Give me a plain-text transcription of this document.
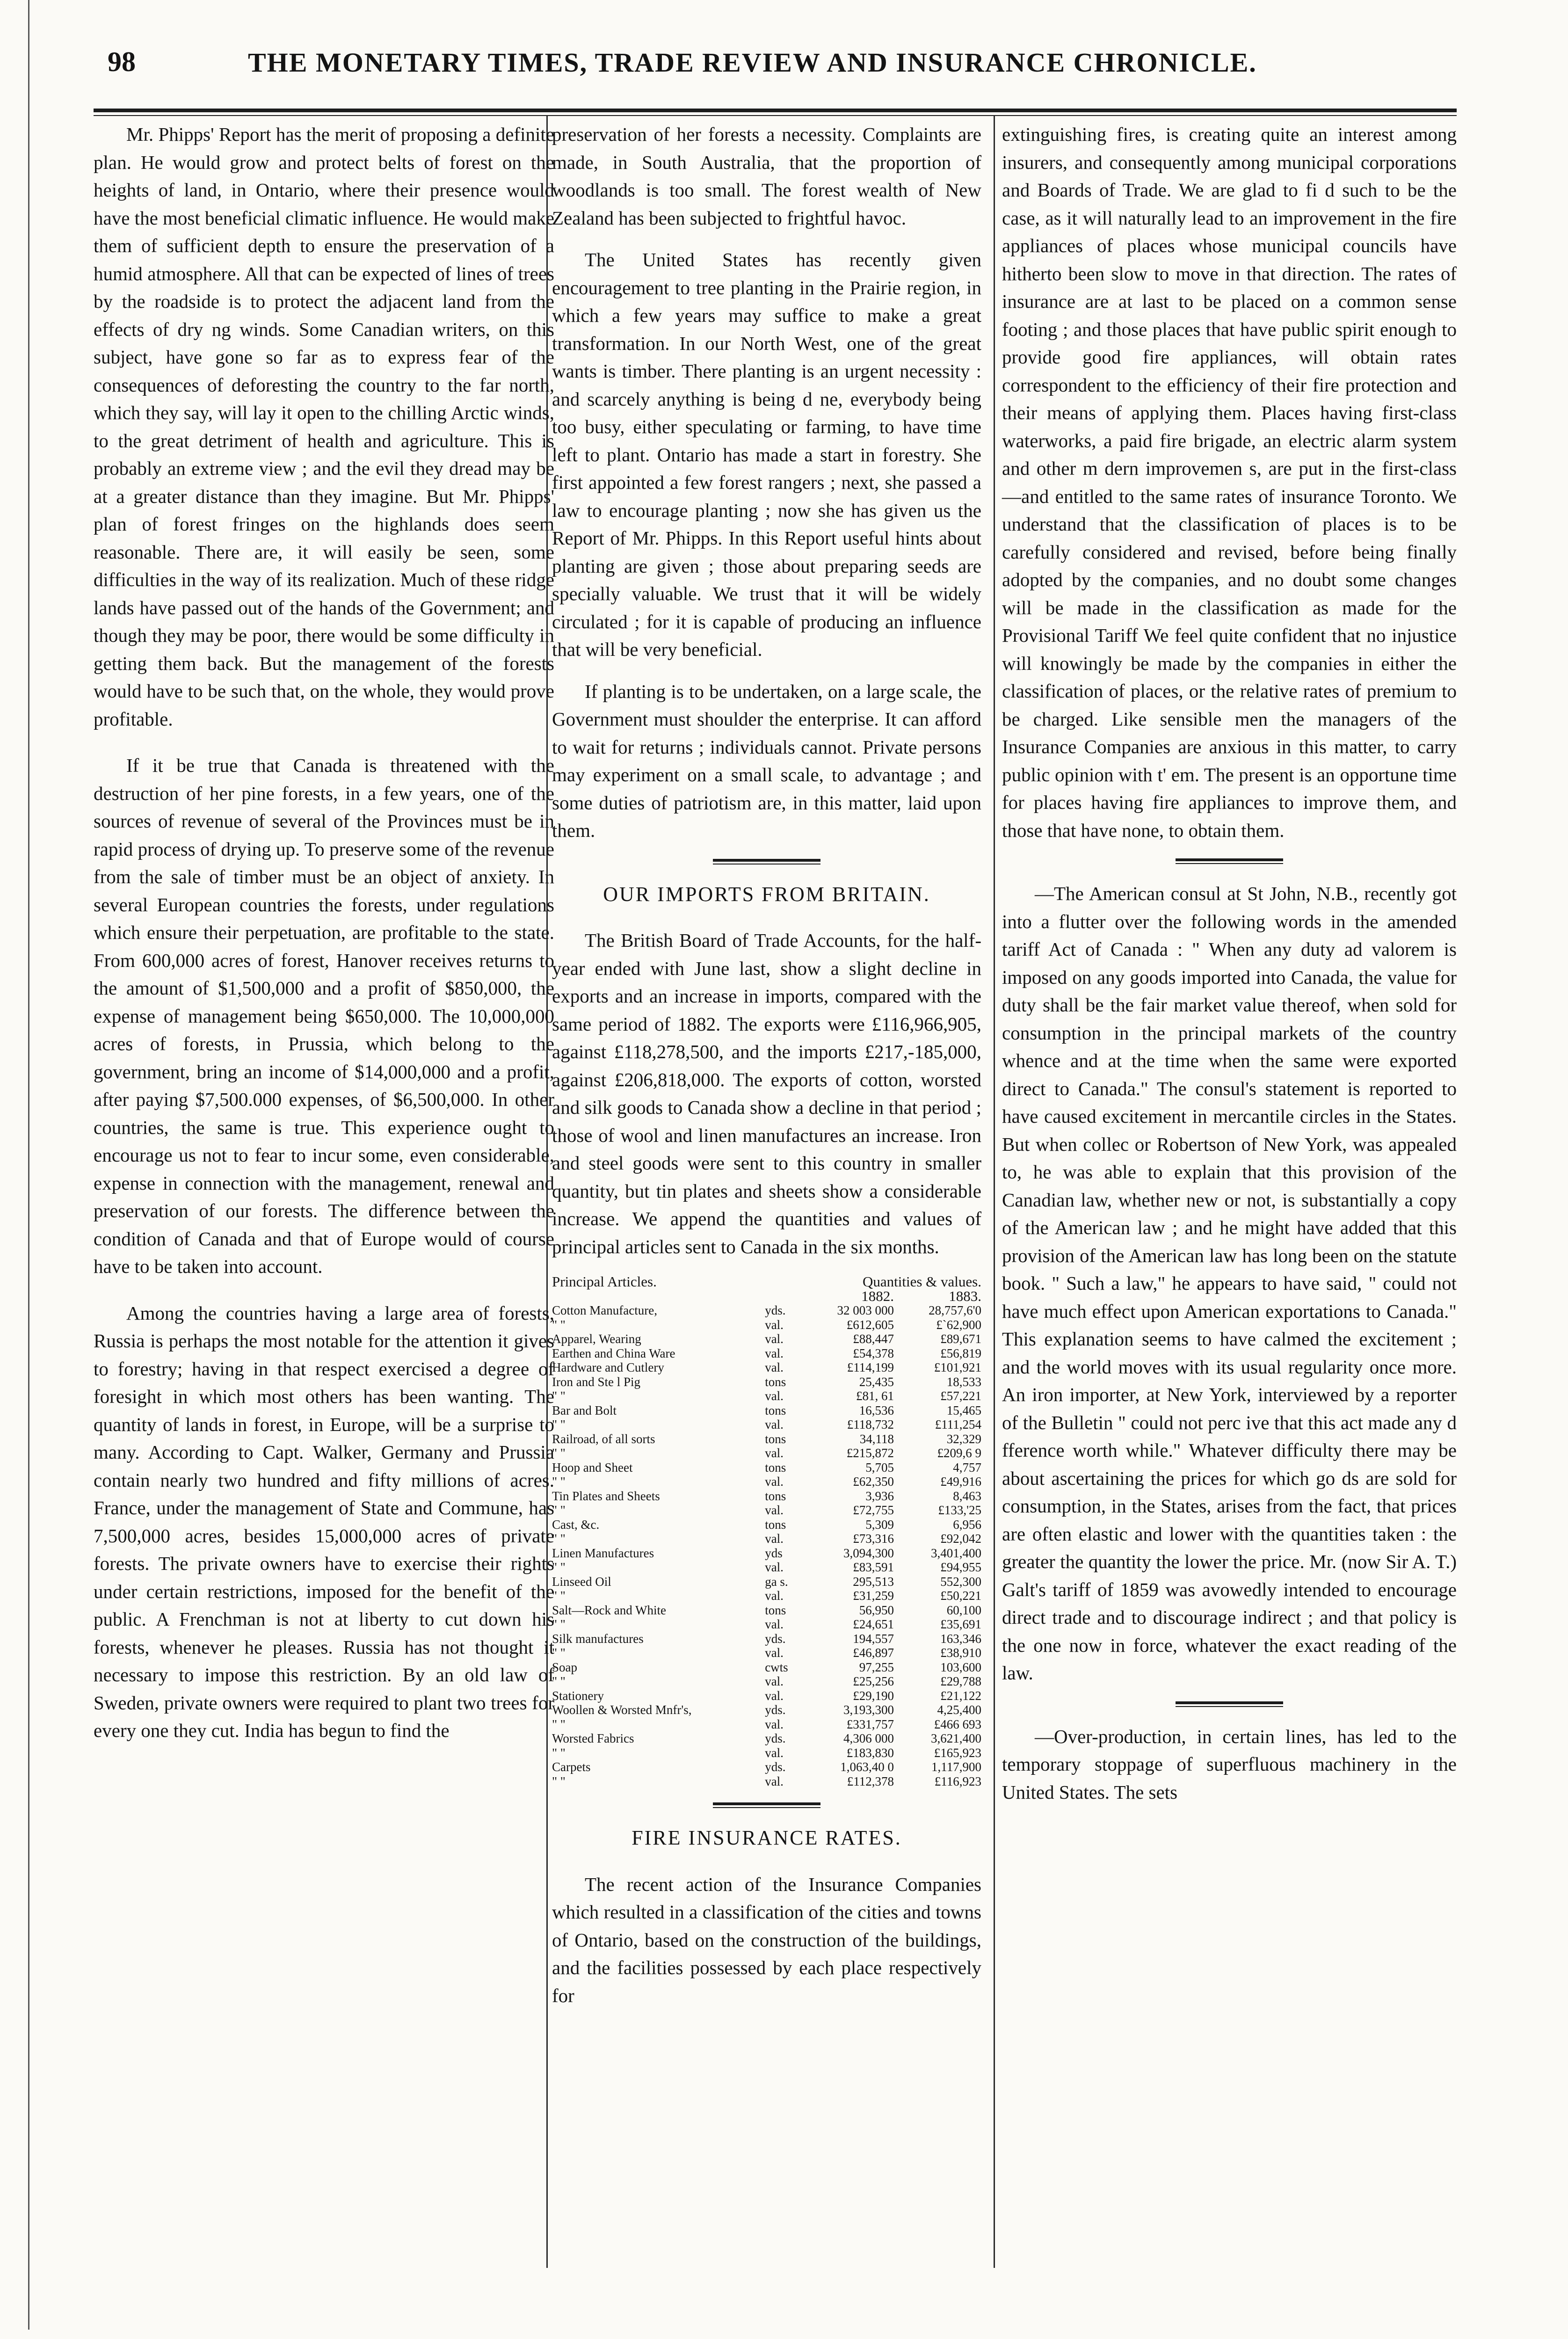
98	THE MONETARY TIMES, TRADE REVIEW AND INSURANCE CHRONICLE.

Mr. Phipps' Report has the merit of proposing a definite plan. He would grow and protect belts of forest on the heights of land, in Ontario, where their presence would have the most beneficial climatic influence. He would make them of sufficient depth to ensure the preservation of a humid atmosphere. All that can be expected of lines of trees by the roadside is to protect the adjacent land from the effects of dry ng winds. Some Canadian writers, on this subject, have gone so far as to express fear of the consequences of deforesting the country to the far north, which they say, will lay it open to the chilling Arctic winds, to the great detriment of health and agriculture. This is probably an extreme view ; and the evil they dread may be at a greater distance than they imagine. But Mr. Phipps' plan of forest fringes on the highlands does seem reasonable. There are, it will easily be seen, some difficulties in the way of its realization. Much of these ridge lands have passed out of the hands of the Government; and though they may be poor, there would be some difficulty in getting them back. But the management of the forests would have to be such that, on the whole, they would prove profitable.

If it be true that Canada is threatened with the destruction of her pine forests, in a few years, one of the sources of revenue of several of the Provinces must be in rapid process of drying up. To preserve some of the revenue from the sale of timber must be an object of anxiety. In several European countries the forests, under regulations which ensure their perpetuation, are profitable to the state. From 600,000 acres of forest, Hanover receives returns to the amount of $1,500,000 and a profit of $850,000, the expense of management being $650,000. The 10,000,000 acres of forests, in Prussia, which belong to the government, bring an income of $14,000,000 and a profit, after paying $7,500.000 expenses, of $6,500,000. In other countries, the same is true. This experience ought to encourage us not to fear to incur some, even considerable, expense in connection with the management, renewal and preservation of our forests. The difference between the condition of Canada and that of Europe would of course have to be taken into account.

Among the countries having a large area of forests, Russia is perhaps the most notable for the attention it gives to forestry; having in that respect exercised a degree of foresight in which most others has been wanting. The quantity of lands in forest, in Europe, will be a surprise to many. According to Capt. Walker, Germany and Prussia contain nearly two hundred and fifty millions of acres. France, under the management of State and Commune, has 7,500,000 acres, besides 15,000,000 acres of private forests. The private owners have to exercise their rights under certain restrictions, imposed for the benefit of the public. A Frenchman is not at liberty to cut down his forests, whenever he pleases. Russia has not thought it necessary to impose this restriction. By an old law of Sweden, private owners were required to plant two trees for every one they cut. India has begun to find the

preservation of her forests a necessity. Complaints are made, in South Australia, that the proportion of woodlands is too small. The forest wealth of New Zealand has been subjected to frightful havoc.

The United States has recently given encouragement to tree planting in the Prairie region, in which a few years may suffice to make a great transformation. In our North West, one of the great wants is timber. There planting is an urgent necessity : and scarcely anything is being d ne, everybody being too busy, either speculating or farming, to have time left to plant. Ontario has made a start in forestry. She first appointed a few forest rangers ; next, she passed a law to encourage planting ; now she has given us the Report of Mr. Phipps. In this Report useful hints about planting are given ; those about preparing seeds are specially valuable. We trust that it will be widely circulated ; for it is capable of producing an influence that will be very beneficial.

If planting is to be undertaken, on a large scale, the Government must shoulder the enterprise. It can afford to wait for returns ; individuals cannot. Private persons may experiment on a small scale, to advantage ; and some duties of patriotism are, in this matter, laid upon them.

OUR IMPORTS FROM BRITAIN.

The British Board of Trade Accounts, for the half-year ended with June last, show a slight decline in exports and an increase in imports, compared with the same period of 1882. The exports were £116,966,905, against £118,278,500, and the imports £217,-185,000, against £206,818,000. The exports of cotton, worsted and silk goods to Canada show a decline in that period ; those of wool and linen manufactures an increase. Iron and steel goods were sent to this country in smaller quantity, but tin plates and sheets show a considerable increase. We append the quantities and values of principal articles sent to Canada in the six months.

Principal Articles.		Quantities & values.	
		1882.	1883.
Cotton Manufacture,	yds.	32 003 000	28,757,6'0
" "	val.	£612,605	£`62,900
Apparel, Wearing	val.	£88,447	£89,671
Earthen and China Ware	val.	£54,378	£56,819
Hardware and Cutlery	val.	£114,199	£101,921
Iron and Ste l Pig	tons	25,435	18,533
" "	val.	£81, 61	£57,221
Bar and Bolt	tons	16,536	15,465
" "	val.	£118,732	£111,254
Railroad, of all sorts	tons	34,118	32,329
" "	val.	£215,872	£209,6 9
Hoop and Sheet	tons	5,705	4,757
" "	val.	£62,350	£49,916
Tin Plates and Sheets	tons	3,936	8,463
" "	val.	£72,755	£133,'25
Cast, &c.	tons	5,309	6,956
" "	val.	£73,316	£92,042
Linen Manufactures	yds	3,094,300	3,401,400
" "	val.	£83,591	£94,955
Linseed Oil	ga s.	295,513	552,300
" "	val.	£31,259	£50,221
Salt—Rock and White	tons	56,950	60,100
" "	val.	£24,651	£35,691
Silk manufactures	yds.	194,557	163,346
" "	val.	£46,897	£38,910
Soap	cwts	97,255	103,600
" "	val.	£25,256	£29,788
Stationery	val.	£29,190	£21,122
Woollen & Worsted Mnfr's,	yds.	3,193,300	4,25,400
" "	val.	£331,757	£466 693
Worsted Fabrics	yds.	4,306 000	3,621,400
" "	val.	£183,830	£165,923
Carpets	yds.	1,063,40 0	1,117,900
" "	val.	£112,378	£116,923
FIRE INSURANCE RATES.

The recent action of the Insurance Companies which resulted in a classification of the cities and towns of Ontario, based on the construction of the buildings, and the facilities possessed by each place respectively for

extinguishing fires, is creating quite an interest among insurers, and consequently among municipal corporations and Boards of Trade. We are glad to fi d such to be the case, as it will naturally lead to an improvement in the fire appliances of places whose municipal councils have hitherto been slow to move in that direction. The rates of insurance are at last to be placed on a common sense footing ; and those places that have public spirit enough to provide good fire appliances, will obtain rates correspondent to the efficiency of their fire protection and their means of applying them. Places having first-class waterworks, a paid fire brigade, an electric alarm system and other m dern improvemen s, are put in the first-class —and entitled to the same rates of insurance Toronto. We understand that the classification of places is to be carefully considered and revised, before being finally adopted by the companies, and no doubt some changes will be made in the classification as made for the Provisional Tariff We feel quite confident that no injustice will knowingly be made by the companies in either the classification of places, or the relative rates of premium to be charged. Like sensible men the managers of the Insurance Companies are anxious in this matter, to carry public opinion with t' em. The present is an opportune time for places having fire appliances to improve them, and those that have none, to obtain them.

—The American consul at St John, N.B., recently got into a flutter over the following words in the amended tariff Act of Canada : " When any duty ad valorem is imposed on any goods imported into Canada, the value for duty shall be the fair market value thereof, when sold for consumption in the principal markets of the country whence and at the time when the same were exported direct to Canada." The consul's statement is reported to have caused excitement in mercantile circles in the States. But when collec or Robertson of New York, was appealed to, he was able to explain that this provision of the Canadian law, whether new or not, is substantially a copy of the American law ; and he might have added that this provision of the American law has long been on the statute book. " Such a law," he appears to have said, " could not have much effect upon American exportations to Canada." This explanation seems to have calmed the excitement ; and the world moves with its usual regularity once more. An iron importer, at New York, interviewed by a reporter of the Bulletin " could not perc ive that this act made any d fference worth while." Whatever difficulty there may be about ascertaining the prices for which go ds are sold for consumption, in the States, arises from the fact, that prices are often elastic and lower with the quantities taken : the greater the quantity the lower the price. Mr. (now Sir A. T.) Galt's tariff of 1859 was avowedly intended to encourage direct trade and to discourage indirect ; and that policy is the one now in force, whatever the exact reading of the law.

—Over-production, in certain lines, has led to the temporary stoppage of superfluous machinery in the United States. The sets
